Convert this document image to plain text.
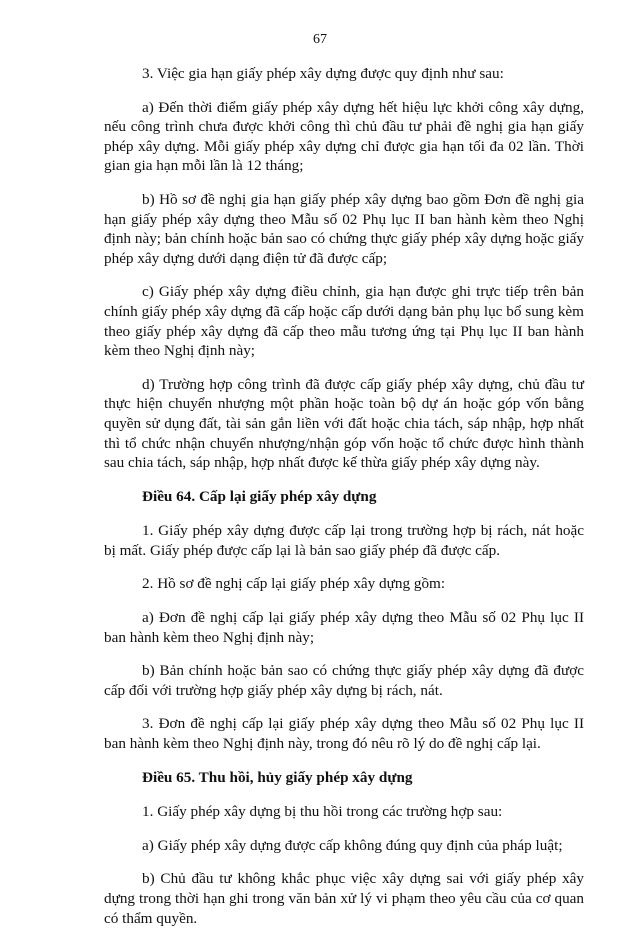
67

3. Việc gia hạn giấy phép xây dựng được quy định như sau:

a) Đến thời điểm giấy phép xây dựng hết hiệu lực khởi công xây dựng, nếu công trình chưa được khởi công thì chủ đầu tư phải đề nghị gia hạn giấy phép xây dựng. Mỗi giấy phép xây dựng chỉ được gia hạn tối đa 02 lần. Thời gian gia hạn mỗi lần là 12 tháng;

b) Hồ sơ đề nghị gia hạn giấy phép xây dựng bao gồm Đơn đề nghị gia hạn giấy phép xây dựng theo Mẫu số 02 Phụ lục II ban hành kèm theo Nghị định này; bản chính hoặc bản sao có chứng thực giấy phép xây dựng hoặc giấy phép xây dựng dưới dạng điện tử đã được cấp;

c) Giấy phép xây dựng điều chỉnh, gia hạn được ghi trực tiếp trên bản chính giấy phép xây dựng đã cấp hoặc cấp dưới dạng bản phụ lục bổ sung kèm theo giấy phép xây dựng đã cấp theo mẫu tương ứng tại Phụ lục II ban hành kèm theo Nghị định này;

d) Trường hợp công trình đã được cấp giấy phép xây dựng, chủ đầu tư thực hiện chuyển nhượng một phần hoặc toàn bộ dự án hoặc góp vốn bằng quyền sử dụng đất, tài sản gắn liền với đất hoặc chia tách, sáp nhập, hợp nhất thì tổ chức nhận chuyển nhượng/nhận góp vốn hoặc tổ chức được hình thành sau chia tách, sáp nhập, hợp nhất được kế thừa giấy phép xây dựng này.

Điều 64. Cấp lại giấy phép xây dựng

1. Giấy phép xây dựng được cấp lại trong trường hợp bị rách, nát hoặc bị mất. Giấy phép được cấp lại là bản sao giấy phép đã được cấp.

2. Hồ sơ đề nghị cấp lại giấy phép xây dựng gồm:

a) Đơn đề nghị cấp lại giấy phép xây dựng theo Mẫu số 02 Phụ lục II ban hành kèm theo Nghị định này;

b) Bản chính hoặc bản sao có chứng thực giấy phép xây dựng đã được cấp đối với trường hợp giấy phép xây dựng bị rách, nát.

3. Đơn đề nghị cấp lại giấy phép xây dựng theo Mẫu số 02 Phụ lục II ban hành kèm theo Nghị định này, trong đó nêu rõ lý do đề nghị cấp lại.

Điều 65. Thu hồi, hủy giấy phép xây dựng

1. Giấy phép xây dựng bị thu hồi trong các trường hợp sau:

a) Giấy phép xây dựng được cấp không đúng quy định của pháp luật;

b) Chủ đầu tư không khắc phục việc xây dựng sai với giấy phép xây dựng trong thời hạn ghi trong văn bản xử lý vi phạm theo yêu cầu của cơ quan có thẩm quyền.
